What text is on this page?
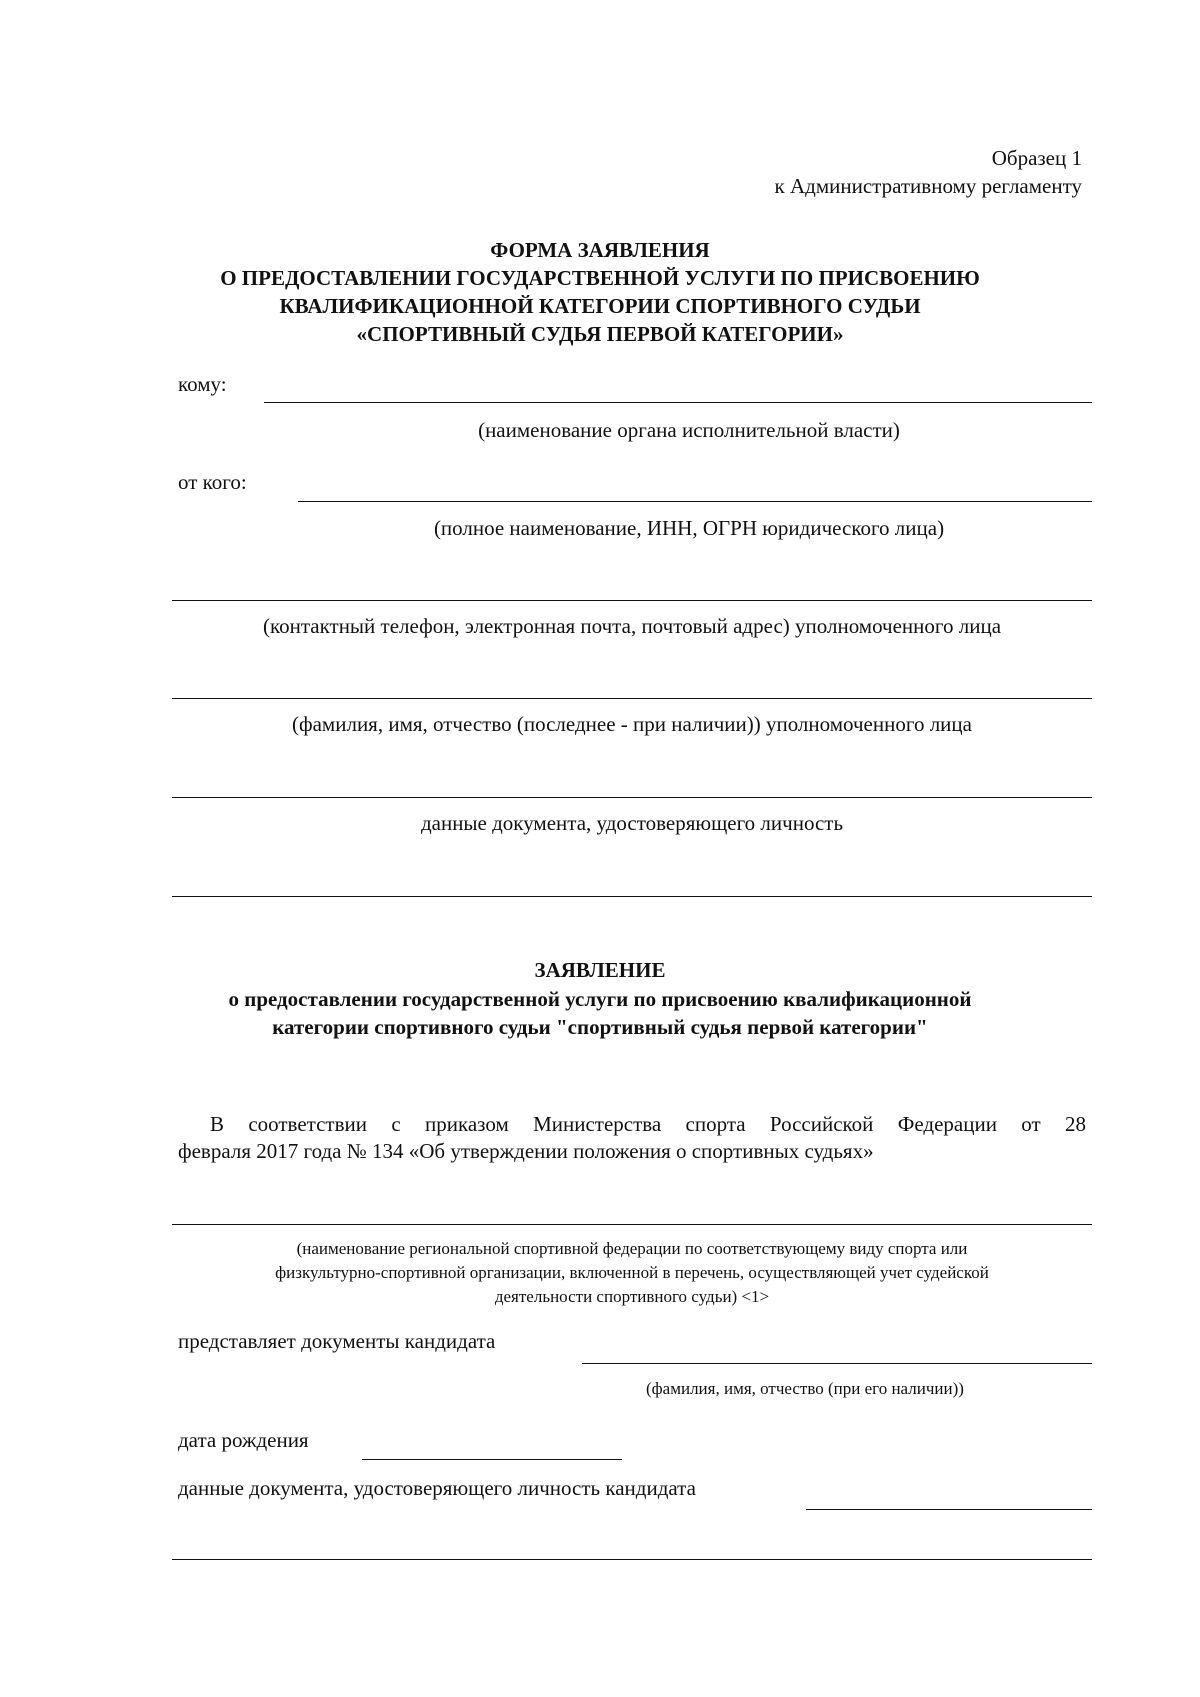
Образец 1
к Административному регламенту
ФОРМА ЗАЯВЛЕНИЯ
О ПРЕДОСТАВЛЕНИИ ГОСУДАРСТВЕННОЙ УСЛУГИ ПО ПРИСВОЕНИЮ
КВАЛИФИКАЦИОННОЙ КАТЕГОРИИ СПОРТИВНОГО СУДЬИ
«СПОРТИВНЫЙ СУДЬЯ ПЕРВОЙ КАТЕГОРИИ»
кому:
(наименование органа исполнительной власти)
от кого:
(полное наименование, ИНН, ОГРН юридического лица)
(контактный телефон, электронная почта, почтовый адрес) уполномоченного лица
(фамилия, имя, отчество (последнее - при наличии)) уполномоченного лица
данные документа, удостоверяющего личность
ЗАЯВЛЕНИЕ
о предоставлении государственной услуги по присвоению квалификационной
категории спортивного судьи "спортивный судья первой категории"
В соответствии с приказом Министерства спорта Российской Федерации от 28
февраля 2017 года № 134 «Об утверждении положения о спортивных судьях»
(наименование региональной спортивной федерации по соответствующему виду спорта или
физкультурно-спортивной организации, включенной в перечень, осуществляющей учет судейской
деятельности спортивного судьи) <1>
представляет документы кандидата
(фамилия, имя, отчество (при его наличии))
дата рождения
данные документа, удостоверяющего личность кандидата
